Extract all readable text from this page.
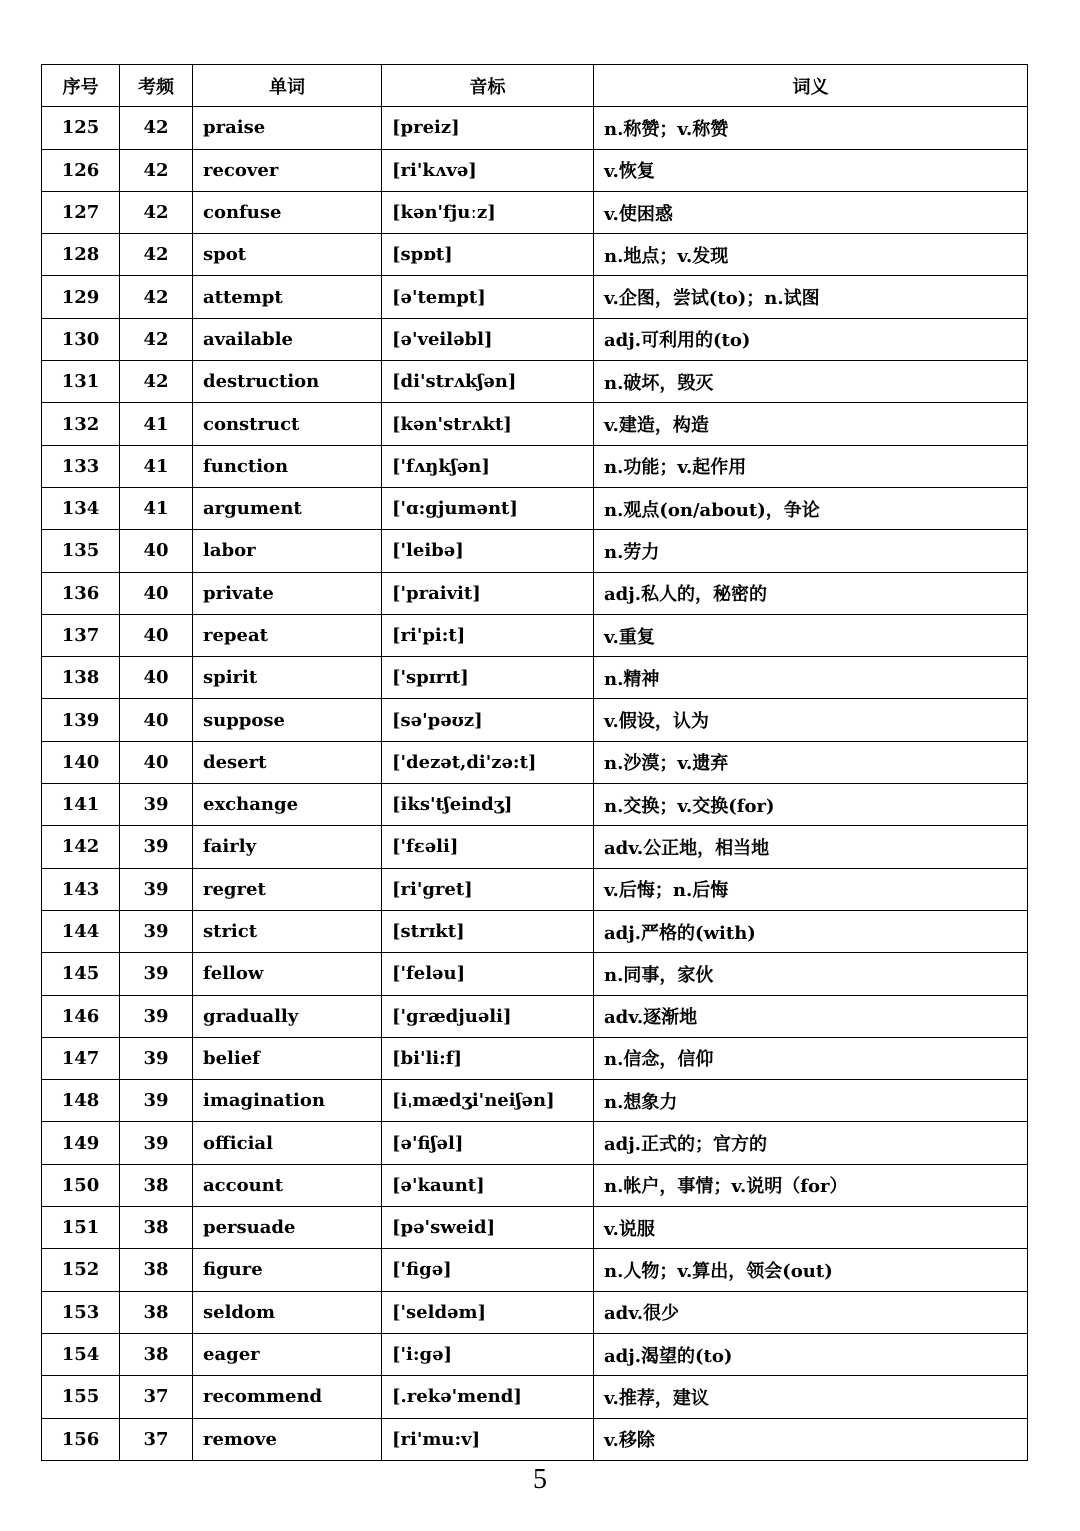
序号	考频	单词	音标	词义
125	42	praise	[preiz]	n.称赞；v.称赞
126	42	recover	[ri'kʌvə]	v.恢复
127	42	confuse	[kən'fjuːz]	v.使困惑
128	42	spot	[spɒt]	n.地点；v.发现
129	42	attempt	[ə'tempt]	v.企图，尝试(to)；n.试图
130	42	available	[ə'veiləbl]	adj.可利用的(to)
131	42	destruction	[di'strʌkʃən]	n.破坏，毁灭
132	41	construct	[kən'strʌkt]	v.建造，构造
133	41	function	['fʌŋkʃən]	n.功能；v.起作用
134	41	argument	['ɑ:gjumənt]	n.观点(on/about)，争论
135	40	labor	['leibə]	n.劳力
136	40	private	['praivit]	adj.私人的，秘密的
137	40	repeat	[ri'pi:t]	v.重复
138	40	spirit	['spɪrɪt]	n.精神
139	40	suppose	[sə'pəʊz]	v.假设，认为
140	40	desert	['dezət,di'zə:t]	n.沙漠；v.遗弃
141	39	exchange	[iks'tʃeindʒ]	n.交换；v.交换(for)
142	39	fairly	['fεəli]	adv.公正地，相当地
143	39	regret	[ri'gret]	v.后悔；n.后悔
144	39	strict	[strɪkt]	adj.严格的(with)
145	39	fellow	['feləu]	n.同事，家伙
146	39	gradually	['grædjuəli]	adv.逐渐地
147	39	belief	[bi'li:f]	n.信念，信仰
148	39	imagination	[iˌmædʒi'neiʃən]	n.想象力
149	39	official	[ə'fiʃəl]	adj.正式的；官方的
150	38	account	[ə'kaunt]	n.帐户，事情；v.说明（for）
151	38	persuade	[pə'sweid]	v.说服
152	38	figure	['figə]	n.人物；v.算出，领会(out)
153	38	seldom	['seldəm]	adv.很少
154	38	eager	['i:gə]	adj.渴望的(to)
155	37	recommend	[.rekə'mend]	v.推荐，建议
156	37	remove	[ri'mu:v]	v.移除
5
